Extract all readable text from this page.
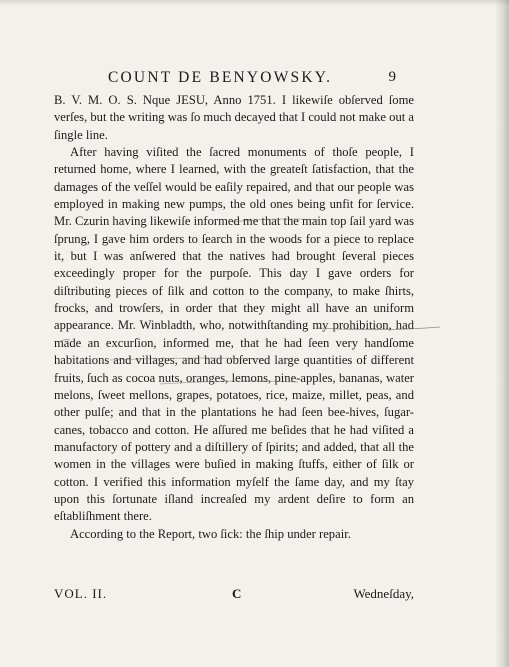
COUNT DE BENYOWSKY.	9

B. V. M. O. S. Nque JESU, Anno 1751. I likewiſe obſerved ſome verſes, but the writing was ſo much decayed that I could not make out a ſingle line.

After having viſited the ſacred monuments of thoſe people, I returned home, where I learned, with the greateſt ſatisfaction, that the damages of the veſſel would be eaſily repaired, and that our people was employed in making new pumps, the old ones being unfit for ſervice. Mr. Czurin having likewiſe informed me that the main top ſail yard was ſprung, I gave him orders to ſearch in the woods for a piece to replace it, but I was anſwered that the natives had brought ſeveral pieces exceedingly proper for the purpoſe. This day I gave orders for diſtributing pieces of ſilk and cotton to the company, to make ſhirts, frocks, and trowſers, in order that they might all have an uniform appearance. Mr. Winbladth, who, notwithſtanding my prohibition, had made an excurſion, informed me, that he had ſeen very handſome habitations and villages, and had obſerved large quantities of different fruits, ſuch as cocoa nuts, oranges, lemons, pine-apples, bananas, water melons, ſweet mellons, grapes, potatoes, rice, maize, millet, peas, and other pulſe; and that in the plantations he had ſeen bee-hives, ſugar-canes, tobacco and cotton. He aſſured me beſides that he had viſited a manufactory of pottery and a diſtillery of ſpirits; and added, that all the women in the villages were buſied in making ſtuffs, either of ſilk or cotton. I verified this information myſelf the ſame day, and my ſtay upon this ſortunate iſland increaſed my ardent deſire to form an eſtabliſhment there.

According to the Report, two ſick: the ſhip under repair.

VOL. II.	C	Wedneſday,
